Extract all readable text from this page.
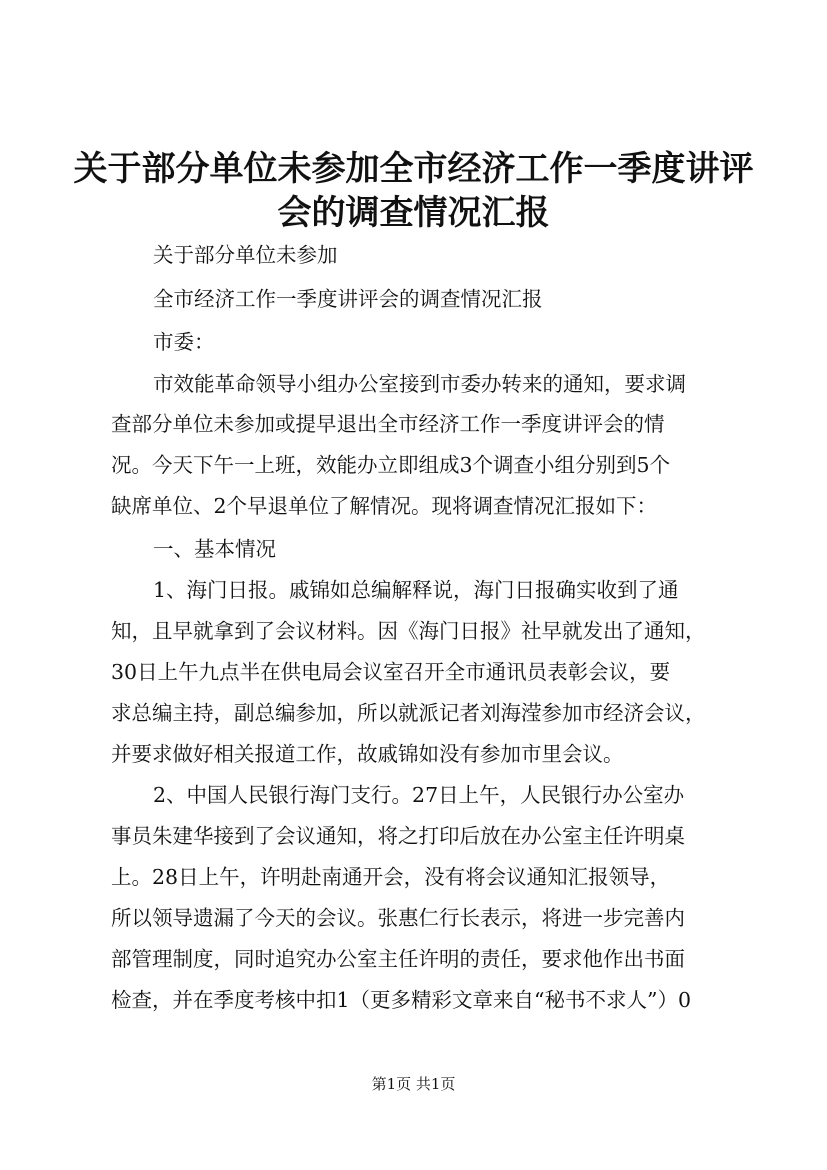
关于部分单位未参加全市经济工作一季度讲评
会的调查情况汇报

关于部分单位未参加

全市经济工作一季度讲评会的调查情况汇报

市委：

市效能革命领导小组办公室接到市委办转来的通知，要求调

查部分单位未参加或提早退出全市经济工作一季度讲评会的情

况。今天下午一上班，效能办立即组成3个调查小组分别到5个

缺席单位、2个早退单位了解情况。现将调查情况汇报如下：

一、基本情况

1、海门日报。戚锦如总编解释说，海门日报确实收到了通

知，且早就拿到了会议材料。因《海门日报》社早就发出了通知，

30日上午九点半在供电局会议室召开全市通讯员表彰会议，要

求总编主持，副总编参加，所以就派记者刘海滢参加市经济会议，

并要求做好相关报道工作，故戚锦如没有参加市里会议。

2、中国人民银行海门支行。27日上午，人民银行办公室办

事员朱建华接到了会议通知，将之打印后放在办公室主任许明桌

上。28日上午，许明赴南通开会，没有将会议通知汇报领导，

所以领导遗漏了今天的会议。张惠仁行长表示，将进一步完善内

部管理制度，同时追究办公室主任许明的责任，要求他作出书面

检查，并在季度考核中扣1（更多精彩文章来自“秘书不求人”）0

第1页 共1页
